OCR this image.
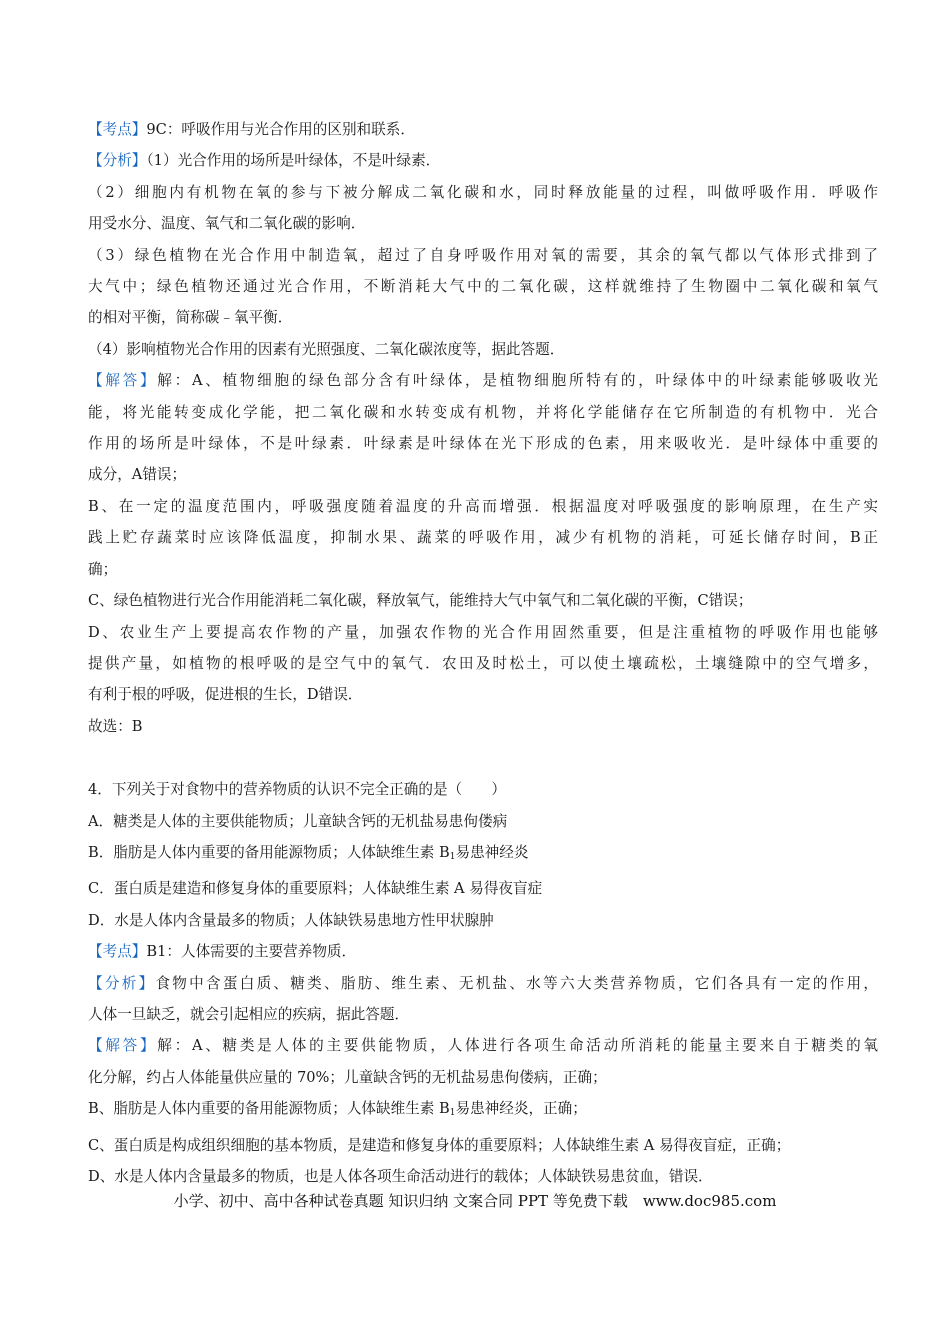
【考点】9C：呼吸作用与光合作用的区别和联系．
【分析】（1）光合作用的场所是叶绿体，不是叶绿素．
（2）细胞内有机物在氧的参与下被分解成二氧化碳和水，同时释放能量的过程，叫做呼吸作用．呼吸作
用受水分、温度、氧气和二氧化碳的影响．
（3）绿色植物在光合作用中制造氧，超过了自身呼吸作用对氧的需要，其余的氧气都以气体形式排到了
大气中；绿色植物还通过光合作用，不断消耗大气中的二氧化碳，这样就维持了生物圈中二氧化碳和氧气
的相对平衡，简称碳﹣氧平衡．
（4）影响植物光合作用的因素有光照强度、二氧化碳浓度等，据此答题．
【解答】解：A、植物细胞的绿色部分含有叶绿体，是植物细胞所特有的，叶绿体中的叶绿素能够吸收光
能，将光能转变成化学能，把二氧化碳和水转变成有机物，并将化学能储存在它所制造的有机物中．光合
作用的场所是叶绿体，不是叶绿素．叶绿素是叶绿体在光下形成的色素，用来吸收光．是叶绿体中重要的
成分，A错误；
B、在一定的温度范围内，呼吸强度随着温度的升高而增强．根据温度对呼吸强度的影响原理，在生产实
践上贮存蔬菜时应该降低温度，抑制水果、蔬菜的呼吸作用，减少有机物的消耗，可延长储存时间，B正
确；
C、绿色植物进行光合作用能消耗二氧化碳，释放氧气，能维持大气中氧气和二氧化碳的平衡，C错误；
D、农业生产上要提高农作物的产量，加强农作物的光合作用固然重要，但是注重植物的呼吸作用也能够
提供产量，如植物的根呼吸的是空气中的氧气．农田及时松土，可以使土壤疏松，土壤缝隙中的空气增多，
有利于根的呼吸，促进根的生长，D错误．
故选：B
4．下列关于对食物中的营养物质的认识不完全正确的是（　　）
A．糖类是人体的主要供能物质；儿童缺含钙的无机盐易患佝偻病
B．脂肪是人体内重要的备用能源物质；人体缺维生素 $B_1$易患神经炎
C．蛋白质是建造和修复身体的重要原料；人体缺维生素 A 易得夜盲症
D．水是人体内含量最多的物质；人体缺铁易患地方性甲状腺肿
【考点】B1：人体需要的主要营养物质．
【分析】食物中含蛋白质、糖类、脂肪、维生素、无机盐、水等六大类营养物质，它们各具有一定的作用，
人体一旦缺乏，就会引起相应的疾病，据此答题．
【解答】解：A、糖类是人体的主要供能物质，人体进行各项生命活动所消耗的能量主要来自于糖类的氧
化分解，约占人体能量供应量的 70%；儿童缺含钙的无机盐易患佝偻病，正确；
B、脂肪是人体内重要的备用能源物质；人体缺维生素 $B_1$易患神经炎，正确；
C、蛋白质是构成组织细胞的基本物质，是建造和修复身体的重要原料；人体缺维生素 A 易得夜盲症，正确；
D、水是人体内含量最多的物质，也是人体各项生命活动进行的载体；人体缺铁易患贫血，错误．
小学、初中、高中各种试卷真题 知识归纳 文案合同 PPT 等免费下载　www.doc985.com
